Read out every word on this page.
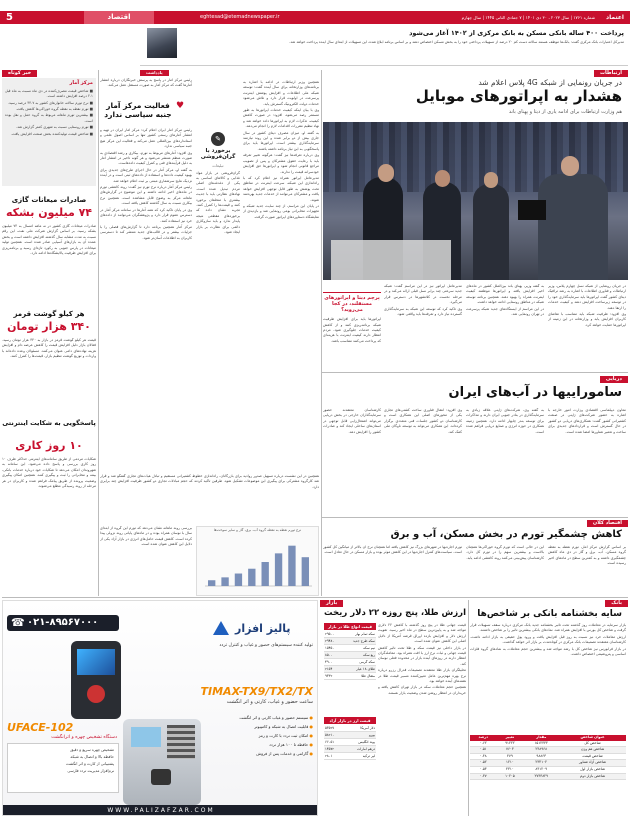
5	اقتصاد	eghtesad@etemadnewspaper.ir	شماره ۱۷۶۱ | سال ۲۰۲۳ ، ۳۰ دی ۱۴۰۱ | ۷ جمادی الثانی ۱۴۴۵ | سال چهارم	اعتماد
پرداخت ۴۰۰ ساله بانکی مسکن به بانک مرکزی از ۱۴۰۲ آغاز می‌شود
مدیرکل اعتبارات بانک مرکزی گفت: بانک‌ها موظف هستند سالانه دست کم ۲۰ درصد از تسهیلات پرداختی خود را به بخش مسکن اختصاص دهند و بر اساس برنامه ابلاغ شده، این تسهیلات از ابتدای سال آینده پرداخت خواهد شد.
ارتباطات
در جریان رونمایی از شبکه 4G پلاس اعلام شد
هشدار به اپراتورهای موبایل
هم وزارت ارتباطات برای ادامه یاری از دیتا و پهنای باند

در جریان رونمایی از شبکه نسل چهارم پلاس، وزیر ارتباطات و فناوری اطلاعات با اشاره به رشد ترافیک دیتای کشور گفت اپراتورها باید سرمایه‌گذاری خود را در توسعه زیرساخت افزایش دهند و کیفیت خدمات را ارتقا دهند.

وی افزود: ظرفیت شبکه باید متناسب با تقاضای کاربران افزایش یابد و وزارتخانه در این زمینه از اپراتورها حمایت خواهد کرد.

به گفته وزیر، پهنای باند بین‌الملل کشور در ماه‌های اخیر افزایش یافته و اپراتورها موظفند کیفیت اینترنت همراه را بهبود دهند. همچنین برنامه توسعه شبکه در مناطق روستایی ادامه خواهد داشت.

در این مراسم از ایستگاه‌های جدید شبکه پرسرعت در تهران رونمایی شد.

مدیرعامل اپراتور نیز در این مراسم گفت: شبکه جدید سرعتی چند برابر نسل قبلی ارائه می‌کند و در مرحله نخست در کلانشهرها در دسترس قرار می‌گیرد.

وی تاکید کرد که توسعه این شبکه به سرمایه‌گذاری گسترده نیاز دارد و تعرفه‌ها باید واقعی شود.

پرچم دیتا و اپراتورهای مستقلند، در کجا می‌روید؟
اپراتورها باید برای افزایش ظرفیت شبکه برنامه‌ریزی کنند و از کاهش کیفیت خدمات جلوگیری شود. مردم انتظار دارند کیفیت اینترنت با هزینه‌ای که پرداخت می‌کنند متناسب باشد.

همچنین وزیر ارتباطات در ادامه با اشاره به برنامه‌های وزارتخانه برای سال آینده گفت: توسعه شبکه ملی اطلاعات و افزایش پوشش اینترنت پرسرعت در اولویت قرار دارد و تلاش می‌شود خدمات دولت الکترونیک گسترش یابد.

وی با بیان اینکه کیفیت خدمات اپراتورها به طور مستمر رصد می‌شود، افزود: در صورت کاهش کیفیت، تذکرات لازم به اپراتورها داده خواهد شد و نهاد تنظیم مقررات اقدامات لازم را انجام می‌دهد.

به گفته او، میزان مصرف دیتای کشور در سال جاری بیش از دو برابر شده و این روند نیازمند سرمایه‌گذاری بیشتر است. اپراتورها باید برای پاسخگویی به این نیاز برنامه داشته باشند.

وی درباره تعرفه‌ها نیز گفت: هرگونه تغییر تعرفه باید با رعایت حقوق مشترکان و پس از تصویب مراجع قانونی انجام شود و اپراتورها حق افزایش خودسرانه قیمت را ندارند.

مدیرعامل اپراتور همراه نیز اعلام کرد که با راه‌اندازی این شبکه، سرعت اینترنت در مناطق تحت پوشش به طور قابل توجهی افزایش خواهد یافت و مشترکان می‌توانند از خدمات جدید بهره‌مند شوند.

در پایان این مراسم، از چند سایت جدید شبکه و تجهیزات مخابراتی بومی رونمایی شد و بازدیدی از نمایشگاه دستاوردهای اپراتور صورت گرفت.

✎
برخورد با گران‌فروشی
تبلیغات
گران‌فروشی در بازار مواد غذایی و کالاهای اساسی به یکی از دغدغه‌های اصلی مردم تبدیل شده است. نهادهای نظارتی باید با جدیت بیشتری با متخلفان برخورد کنند و قیمت‌ها را کنترل کنند. تجربه نشان داده که برخوردهای مقطعی نتیجه پایدار ندارد و باید سازوکاری دائمی برای نظارت بر بازار ایجاد شود.
یادداشت
رئیس مرکز آمار در پاسخ به پرسش خبرنگاران درباره انتشار آمارها گفت که مرکز آمار به صورت مستقل عمل می‌کند.
♥
فعالیت مرکز آمار جنبه سیاسی ندارد

رئیس مرکز آمار ایران اعلام کرد: مرکز آمار ایران در تهیه و انتشار آمارهای رسمی کشور تنها بر اساس اصول علمی و استانداردهای بین‌المللی عمل می‌کند و فعالیت این مرکز هیچ جنبه سیاسی ندارد.

وی افزود: آمارهای مربوط به تورم، بیکاری و رشد اقتصادی به صورت منظم منتشر می‌شود و هر گونه تاخیر در انتشار آمار به دلیل فرآیندهای فنی و کنترل کیفیت داده‌هاست.

به گفته او، مرکز آمار در حال اجرای طرح‌های جدیدی برای بهبود کیفیت داده‌ها و استفاده از داده‌های ثبتی است و در آینده نزدیک نتایج سرشماری مبتنی بر ثبت اعلام خواهد شد.

رئیس مرکز آمار درباره نرخ تورم نیز گفت: روند کاهشی تورم در ماه‌های اخیر ادامه داشته و این موضوع در گزارش‌های ماهانه مرکز به وضوح قابل مشاهده است. همچنین نرخ بیکاری نسبت به سال گذشته کاهش یافته است.

وی در پایان تاکید کرد که همه آمارها در سامانه مرکز آمار در دسترس عموم قرار دارد و پژوهشگران می‌توانند از داده‌های خرد نیز استفاده کنند.

مرکز آمار همچنین برنامه دارد تا گزارش‌های فصلی را با جزئیات بیشتر و در قالب‌های جدید منتشر کند تا دسترسی کاربران به اطلاعات آسان‌تر شود.

خبر کوتاه
مرکز آمار

■ شاخص قیمت مصرف‌کننده در دی ماه نسبت به ماه قبل ۲.۱ درصد افزایش داشته است.

■ نرخ تورم سالانه خانوارهای کشور به ۴۴.۷ درصد رسید.

■ تورم نقطه به نقطه گروه خوراکی‌ها کاهش یافت.

■ بیشترین تورم ماهانه مربوط به گروه حمل و نقل بوده است.

■ تورم روستایی نسبت به شهری کمتر گزارش شد.

■ شاخص قیمت تولیدکننده بخش صنعت افزایش یافت.

صادرات میعانات گازی
۷۴ میلیون بشکه
صادرات میعانات گازی کشور در نه ماهه امسال به ۷۴ میلیون بشکه رسید. بر اساس گزارش شرکت ملی نفت، این رقم نسبت به مدت مشابه سال گذشته افزایش داشته است و بخش عمده آن به بازارهای آسیایی صادر شده است. همچنین تولید میعانات در پارس جنوبی به رکورد تازه‌ای رسید و برنامه‌ریزی برای افزایش ظرفیت پالایشگاه‌ها ادامه دارد.
هر کیلو گوشت قرمز
۳۴۰ هزار تومان
قیمت هر کیلو گوشت قرمز در بازار به ۳۴۰ هزار تومان رسید. فعالان بازار دلیل افزایش قیمت را کاهش عرضه دام و افزایش هزینه نهاده‌های دامی عنوان می‌کنند. مسئولان وعده داده‌اند با واردات و توزیع گوشت تنظیم بازار، قیمت‌ها را کنترل کنند.
پاسخگویی به شکایت اینترنتی
۱۰ روز کاری
شکایات مردمی از طریق سامانه‌های اینترنتی حداکثر ظرف ۱۰ روز کاری بررسی و پاسخ داده می‌شود. این سامانه به شهروندان امکان می‌دهد تا شکایات خود درباره خدمات بانکی، بیمه و مخابراتی را ثبت و پیگیری کنند. همچنین امکان پیگیری وضعیت پرونده از طریق پیامک فراهم شده و کاربران در هر مرحله از روند رسیدگی مطلع می‌شوند.
دریایی
ساموراییها در آب‌های ایران
معاون دیپلماسی اقتصادی وزارت امور خارجه با اشاره به حضور شرکت‌های ژاپنی در صنعت کشتیرانی کشور گفت: همکاری‌های دریایی دو کشور در حال گسترش است و قراردادهای جدیدی برای ساخت و تعمیر شناورها امضا شده است.
به گفته وی، شرکت‌های ژاپنی علاقه زیادی به سرمایه‌گذاری در بنادر جنوبی ایران دارند و مذاکرات برای توسعه بندر چابهار ادامه دارد. همچنین زمینه همکاری در حوزه انرژی و صنایع دریایی فراهم شده است.
وی افزود: انتقال فناوری ساخت کشتی‌های تجاری یکی از محورهای اصلی این همکاری است و کارشناسان دو کشور جلسات فنی متعددی برگزار کرده‌اند. این همکاری می‌تواند به توسعه ناوگان ملی کمک کند.
کارشناسان معتقدند حضور سرمایه‌گذاران خارجی در بخش دریایی می‌تواند اشتغال‌زایی قابل توجهی در استان‌های ساحلی ایجاد کند و صادرات کشور را افزایش دهد.
همچنین در این نشست درباره تسهیل صدور روادید برای بازرگانان، راه‌اندازی خطوط کشتیرانی مستقیم و تبادل هیات‌های تجاری گفتگو شد و قرار شد کارگروه مشترکی برای پیگیری این موضوعات تشکیل شود. طرفین تاکید کردند که حجم مبادلات تجاری دو کشور ظرفیت افزایش چند برابری دارد.
اقتصاد کلان
کاهش چشمگیر تورم در بخش مسکن، آب و برق
بر اساس گزارش مرکز آمار، تورم نقطه به نقطه گروه مسکن، آب، برق و گاز در دی ماه کاهش چشمگیری داشته و به کمترین سطح در ماه‌های اخیر رسیده است.
این در حالی است که تورم گروه خوراکی‌ها همچنان بالاست و بیشترین سهم را در تورم کل دارد. کارشناسان پیش‌بینی می‌کنند روند کاهشی ادامه یابد.
تورم اجاره‌بها در شهرهای بزرگ نیز کاهش یافته اما همچنان نرخ آن بالاتر از میانگین کل کشور است. سیاست‌های کنترل اجاره‌بها در این کاهش موثر بوده و بازار مسکن در حال تعادل است.
نرخ تورم نقطه به نقطه گروه آب، برق، گاز و سایر سوخت‌ها
بررسی روند ماهانه نشان می‌دهد که تورم این گروه از ابتدای سال با نوسان همراه بوده و در ماه‌های پایانی روند نزولی پیدا کرده است. کاهش قیمت حامل‌های انرژی در بازار آزاد یکی از دلایل این کاهش عنوان شده است.
بانک
سایه بخشنامه بانکی بر شاخص‌ها

بازار سرمایه در معاملات روز گذشته تحت تاثیر بخشنامه جدید بانک مرکزی درباره سقف تسهیلات قرار گرفت و شاخص کل بورس با افزایش همراه شد. نمادهای بانکی بیشترین تاثیر را بر شاخص داشتند.

ارزش معاملات خرد نیز نسبت به روز قبل افزایش یافت و ورود پول حقیقی به بازار ادامه داشت. کارشناسان معتقدند تصمیمات بانک مرکزی در کوتاه‌مدت بر بازار اثر خواهد گذاشت.

در بازار فرابورس نیز شاخص کل با رشد مواجه شد و بیشترین حجم معاملات به نمادهای گروه فلزات اساسی و پتروشیمی اختصاص داشت.

عنوان شاخص	مقدار	تغییر	درصد
شاخص کل	۱۵۱۲۴۴۴	۹۱۲۲۲	۰.۶۲
شاخص هم وزن	۲۴۸۹۶۸	۷۶۰۳	۰.۵۱
شاخص قیمت	۹۸۸۶۳	۴۷۹	۰.۴۸
شاخص آزاد شناور	۲۳۴۱۰۲	۱۲۱۰	۰.۵۲
شاخص بازار اول	۸۴۱۲۰۹	۴۳۱۰	۰.۵۳
شاخص بازار دوم	۲۷۴۳۸۲۹	۱۰۲۰۵	۰.۳۷
بازار
ارزش طلا، پنج روزه ۲۲ دلار ریخت

قیمت جهانی طلا در پنج روز گذشته با کاهش ۲۲ دلاری مواجه شد و به پایین‌ترین سطح در ماه اخیر رسید. تقویت ارزش دلار و افزایش بازده اوراق قرضه آمریکا از دلایل اصلی این کاهش عنوان شده است.

در بازار داخلی نیز قیمت سکه و طلا تحت تاثیر کاهش قیمت جهانی و ثبات نرخ ارز با افت همراه بود. معامله‌گران انتظار دارند در روزهای آینده بازار در محدوده فعلی نوسان کند.

تحلیلگران بازار طلا معتقدند تصمیمات فدرال رزرو درباره نرخ بهره مهم‌ترین عامل تعیین‌کننده مسیر قیمت طلا در هفته‌های آینده خواهد بود.

همچنین حجم معاملات سکه در بازار تهران کاهش یافته و خریداران در انتظار روشن شدن وضعیت بازار هستند.

قیمت انواع طلا در بازار آزاد سکه تمام بهار	۲۹۵۰۰
سکه طرح جدید	۲۹۴۸۰
نیم سکه	۱۵۴۵۰
ربع سکه	۸۵۰۰
سکه گرمی	۴۹۰۰
طلای ۱۸ عیار	۲۱۵۴
مثقال طلا	۹۳۳۲
قیمت ارز در بازار آزاد
دلار آمریکا	۵۳۵۲۷
یورو	۵۸۲۱۰
پوند انگلیس	۶۶۰۵۱
درهم امارات	۱۴۵۷۲
لیر ترکیه	۲۸۰۱
☎ ۰۲۱-۸۹۵۶۷۰۰۰	پالیز افزار
تولید کننده سیستم‌های حضور و غیاب و کنترل تردد
TIMAX-TX9/TX2/TX
ساعت حضور و غیاب، کارتی و اثر انگشت
● سیستم حضور و غیاب کارتی و اثر انگشت
● قابلیت اتصال به شبکه و کامپیوتر
● امکان ثبت تردد با کارت و رمز
● حافظه تا ۱۰۰ هزار تردد
● گارانتی و خدمات پس از فروش
UFACE-102
دستگاه تشخیص چهره و اثرانگشت
تشخیص چهره سریع و دقیق
حافظه بالا و اتصال به شبکه
پشتیبانی از کارت و اثر انگشت
نرم‌افزار مدیریت تردد فارسی
WWW.PALIZAFZAR.COM
